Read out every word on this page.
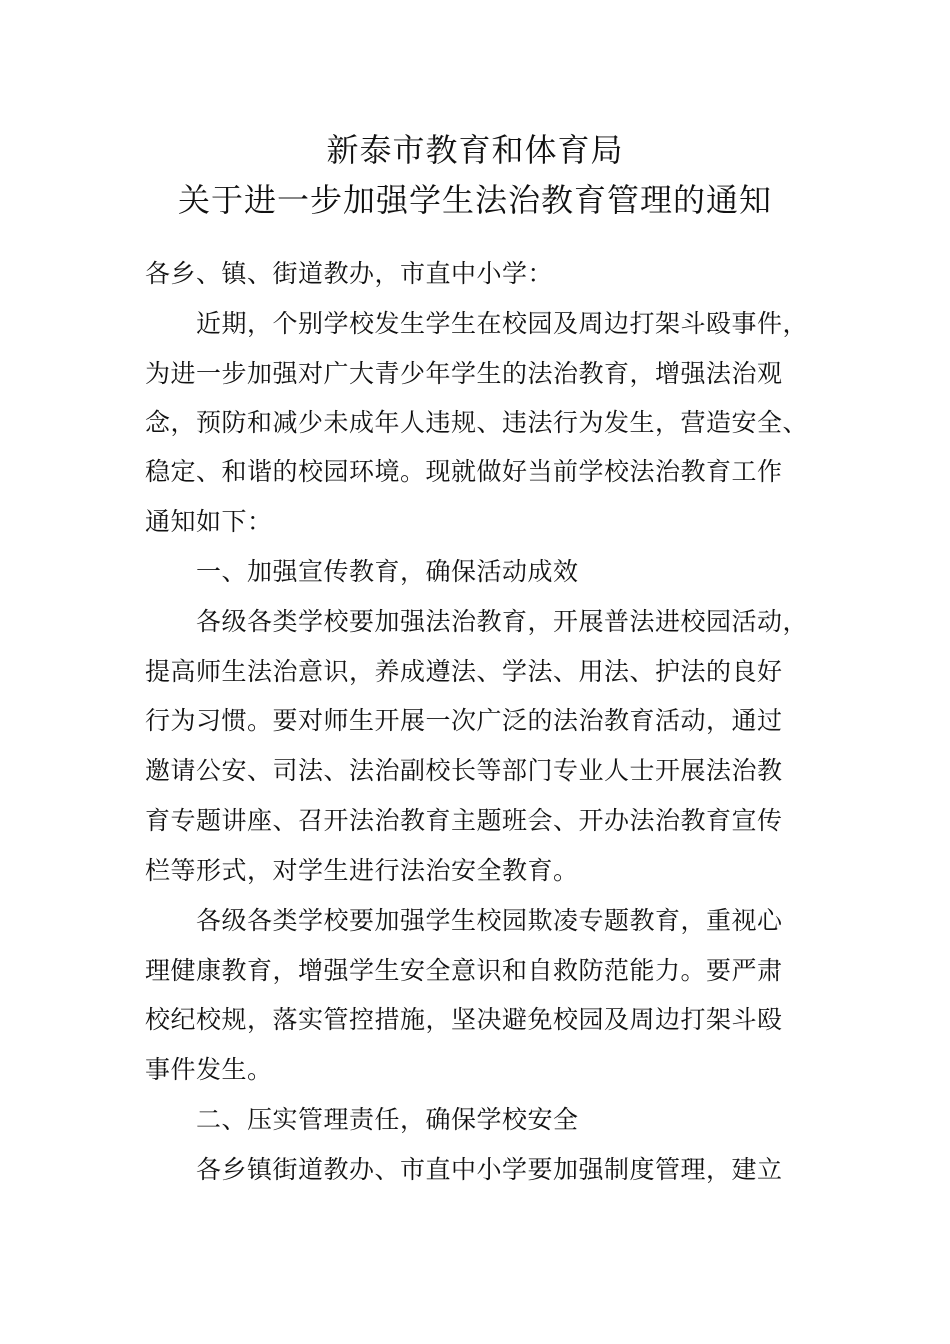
新泰市教育和体育局
关于进一步加强学生法治教育管理的通知
各乡、镇、街道教办，市直中小学：
近期，个别学校发生学生在校园及周边打架斗殴事件，
为进一步加强对广大青少年学生的法治教育，增强法治观
念，预防和减少未成年人违规、违法行为发生，营造安全、
稳定、和谐的校园环境。现就做好当前学校法治教育工作
通知如下：
一、加强宣传教育，确保活动成效
各级各类学校要加强法治教育，开展普法进校园活动，
提高师生法治意识，养成遵法、学法、用法、护法的良好
行为习惯。要对师生开展一次广泛的法治教育活动，通过
邀请公安、司法、法治副校长等部门专业人士开展法治教
育专题讲座、召开法治教育主题班会、开办法治教育宣传
栏等形式，对学生进行法治安全教育。
各级各类学校要加强学生校园欺凌专题教育，重视心
理健康教育，增强学生安全意识和自救防范能力。要严肃
校纪校规，落实管控措施，坚决避免校园及周边打架斗殴
事件发生。
二、压实管理责任，确保学校安全
各乡镇街道教办、市直中小学要加强制度管理，建立
